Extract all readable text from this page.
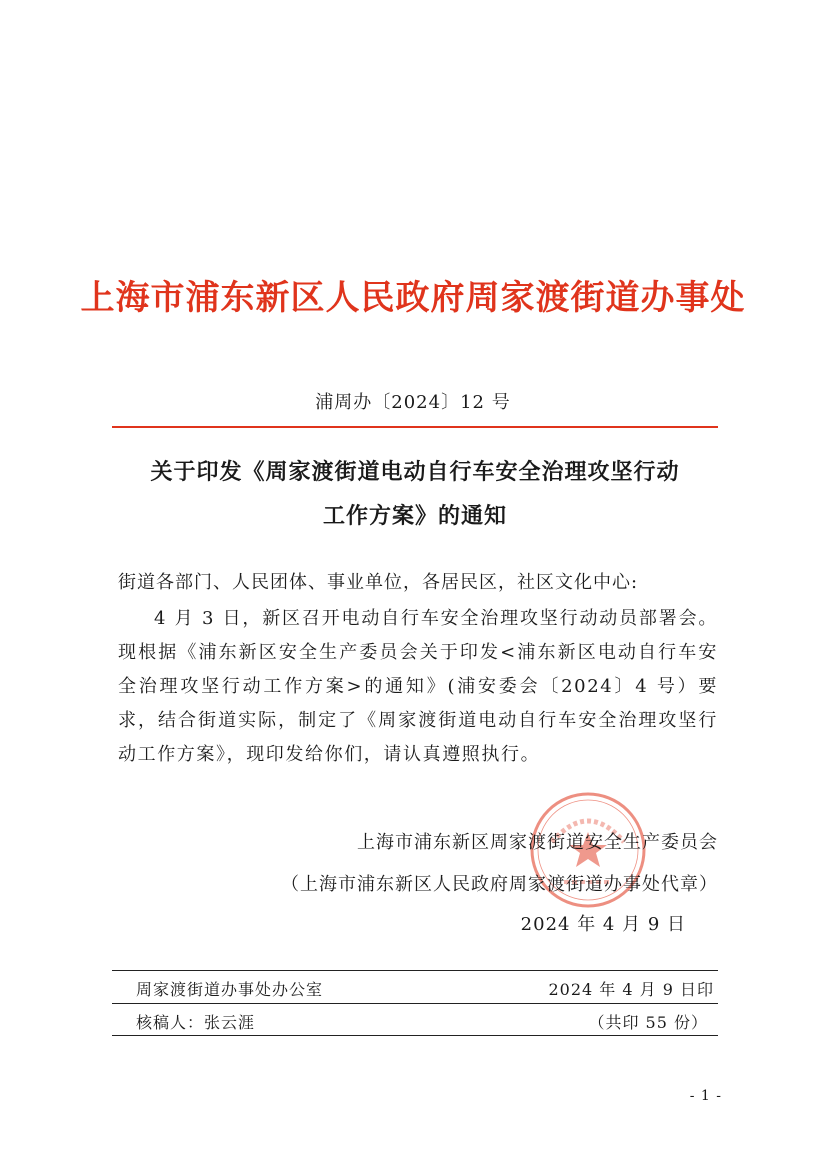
上海市浦东新区人民政府周家渡街道办事处
浦周办〔2024〕12 号
关于印发《周家渡街道电动自行车安全治理攻坚行动
工作方案》的通知
街道各部门、人民团体、事业单位，各居民区，社区文化中心:
4 月 3 日，新区召开电动自行车安全治理攻坚行动动员部署会。现根据《浦东新区安全生产委员会关于印发<浦东新区电动自行车安全治理攻坚行动工作方案>的通知》(浦安委会〔2024〕4 号）要求，结合街道实际，制定了《周家渡街道电动自行车安全治理攻坚行动工作方案》，现印发给你们，请认真遵照执行。
上海市浦东新区周家渡街道安全生产委员会
（上海市浦东新区人民政府周家渡街道办事处代章）
2024 年 4 月 9 日
周家渡街道办事处办公室	2024 年 4 月 9 日印
核稿人：张云涯	（共印 55 份）
- 1 -
